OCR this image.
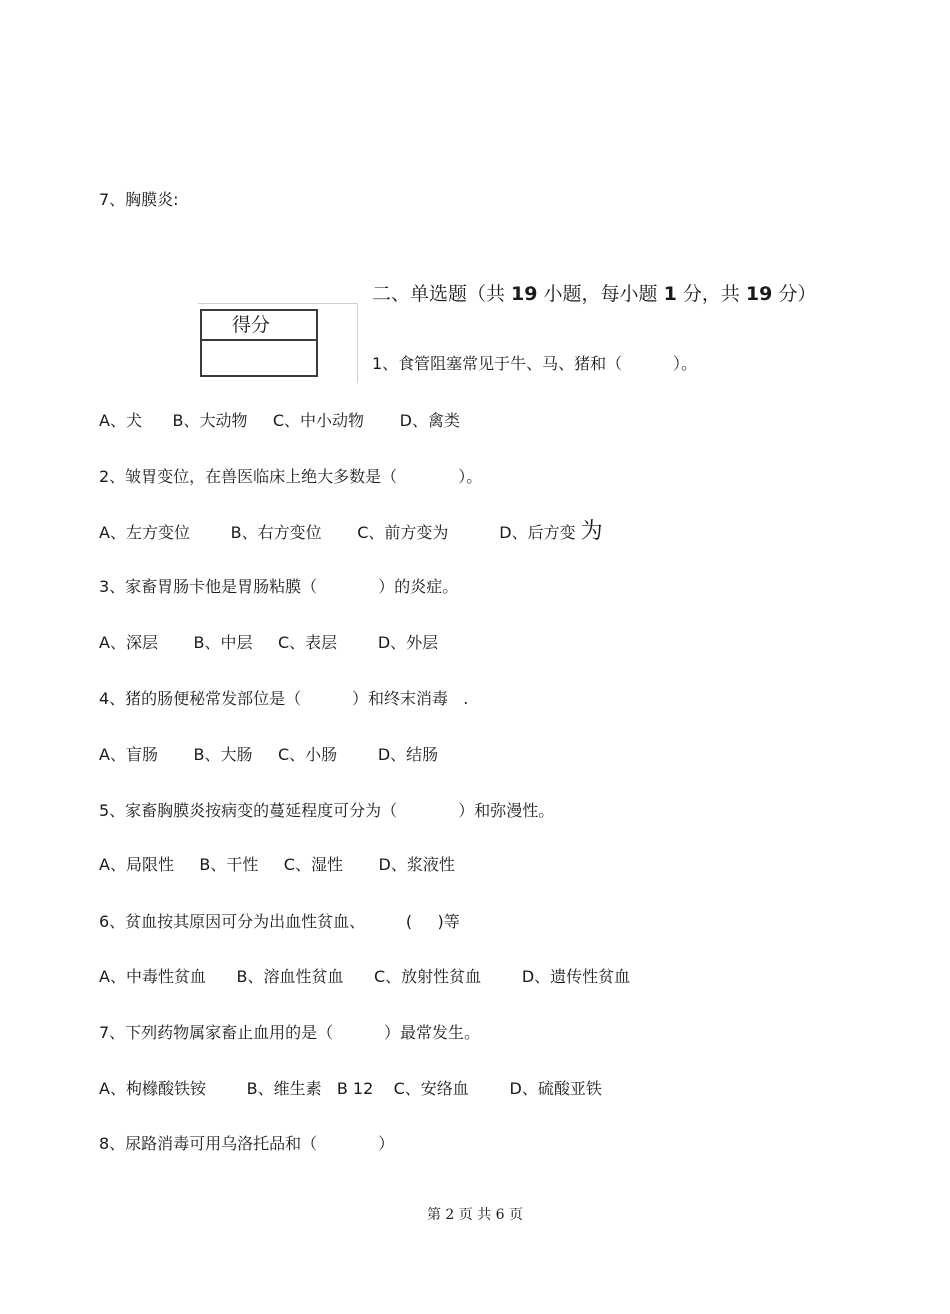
7、胸膜炎:

二、单选题（共 19 小题，每小题 1 分，共 19 分）

得分

1、食管阻塞常见于牛、马、猪和（          ）。

A、犬      B、大动物     C、中小动物       D、禽类

2、皱胃变位，在兽医临床上绝大多数是（            ）。

A、左方变位        B、右方变位       C、前方变为          D、后方变 为

3、家畜胃肠卡他是胃肠粘膜（            ）的炎症。

A、深层       B、中层     C、表层        D、外层

4、猪的肠便秘常发部位是（          ）和终末消毒   .

A、盲肠       B、大肠     C、小肠        D、结肠

5、家畜胸膜炎按病变的蔓延程度可分为（            ）和弥漫性。

A、局限性     B、干性     C、湿性       D、浆液性

6、贫血按其原因可分为出血性贫血、        (     )等

A、中毒性贫血      B、溶血性贫血      C、放射性贫血        D、遗传性贫血

7、下列药物属家畜止血用的是（          ）最常发生。

A、枸橼酸铁铵        B、维生素   B 12    C、安络血        D、硫酸亚铁

8、尿路消毒可用乌洛托品和（            ）

第 2 页 共 6 页
